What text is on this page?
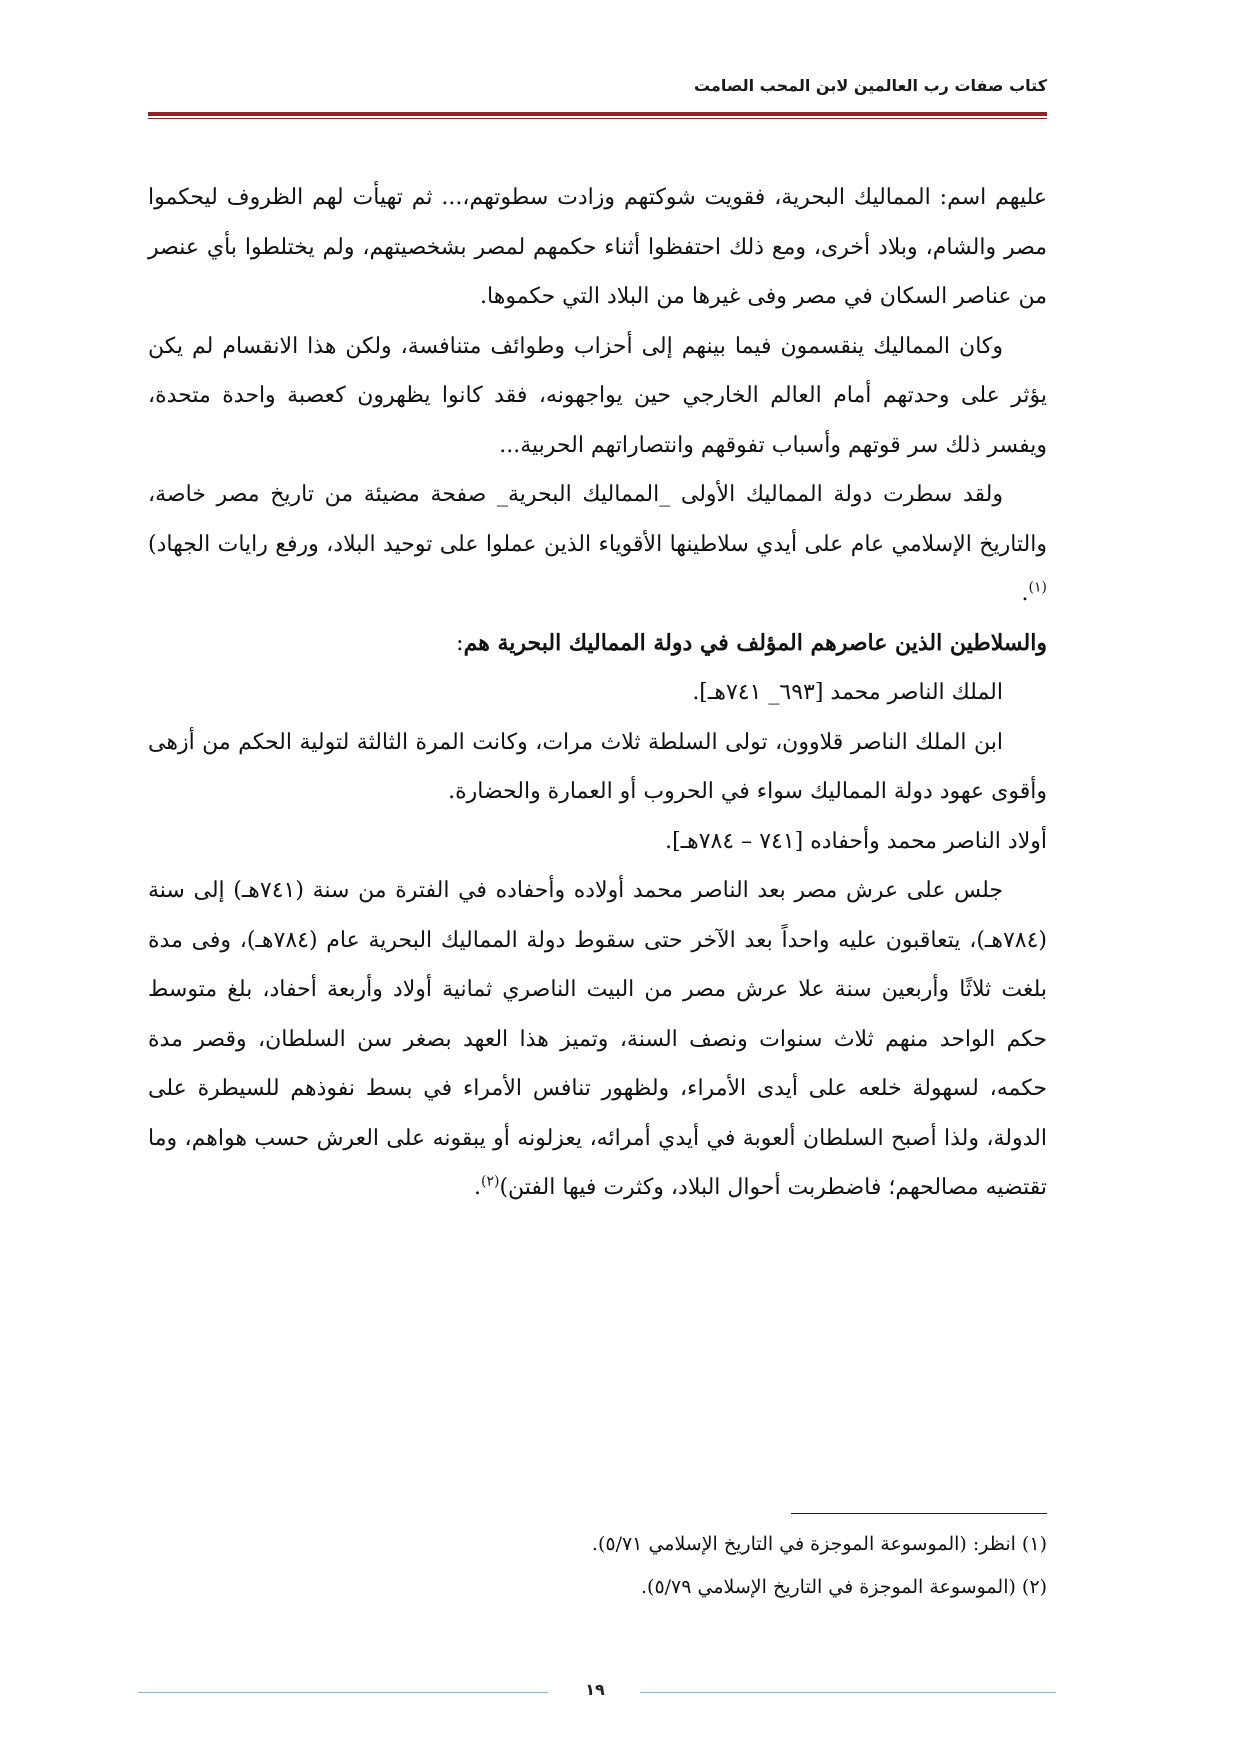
كتاب صفات رب العالمين لابن المحب الصامت

عليهم اسم: المماليك البحرية، فقويت شوكتهم وزادت سطوتهم،... ثم تهيأت لهم الظروف ليحكموا مصر والشام، وبلاد أخرى، ومع ذلك احتفظوا أثناء حكمهم لمصر بشخصيتهم، ولم يختلطوا بأي عنصر من عناصر السكان في مصر وفى غيرها من البلاد التي حكموها.

وكان المماليك ينقسمون فيما بينهم إلى أحزاب وطوائف متنافسة، ولكن هذا الانقسام لم يكن يؤثر على وحدتهم أمام العالم الخارجي حين يواجهونه، فقد كانوا يظهرون كعصبة واحدة متحدة، ويفسر ذلك سر قوتهم وأسباب تفوقهم وانتصاراتهم الحربية...

ولقد سطرت دولة المماليك الأولى _المماليك البحرية_ صفحة مضيئة من تاريخ مصر خاصة، والتاريخ الإسلامي عام على أيدي سلاطينها الأقوياء الذين عملوا على توحيد البلاد، ورفع رايات الجهاد)$^{(١)}$.

والسلاطين الذين عاصرهم المؤلف في دولة المماليك البحرية هم:

الملك الناصر محمد [٦٩٣_ ٧٤١هـ].

ابن الملك الناصر قلاوون، تولى السلطة ثلاث مرات، وكانت المرة الثالثة لتولية الحكم من أزهى وأقوى عهود دولة المماليك سواء في الحروب أو العمارة والحضارة.

أولاد الناصر محمد وأحفاده [٧٤١ – ٧٨٤هـ].

جلس على عرش مصر بعد الناصر محمد أولاده وأحفاده في الفترة من سنة (٧٤١هـ) إلى سنة (٧٨٤هـ)، يتعاقبون عليه واحداً بعد الآخر حتى سقوط دولة المماليك البحرية عام (٧٨٤هـ)، وفى مدة بلغت ثلاثًا وأربعين سنة علا عرش مصر من البيت الناصري ثمانية أولاد وأربعة أحفاد، بلغ متوسط حكم الواحد منهم ثلاث سنوات ونصف السنة، وتميز هذا العهد بصغر سن السلطان، وقصر مدة حكمه، لسهولة خلعه على أيدى الأمراء، ولظهور تنافس الأمراء في بسط نفوذهم للسيطرة على الدولة، ولذا أصبح السلطان ألعوبة في أيدي أمرائه، يعزلونه أو يبقونه على العرش حسب هواهم، وما تقتضيه مصالحهم؛ فاضطربت أحوال البلاد، وكثرت فيها الفتن)$^{(٢)}$.

(١) انظر: (الموسوعة الموجزة في التاريخ الإسلامي ٥/٧١).

(٢) (الموسوعة الموجزة في التاريخ الإسلامي ٥/٧٩).

١٩
